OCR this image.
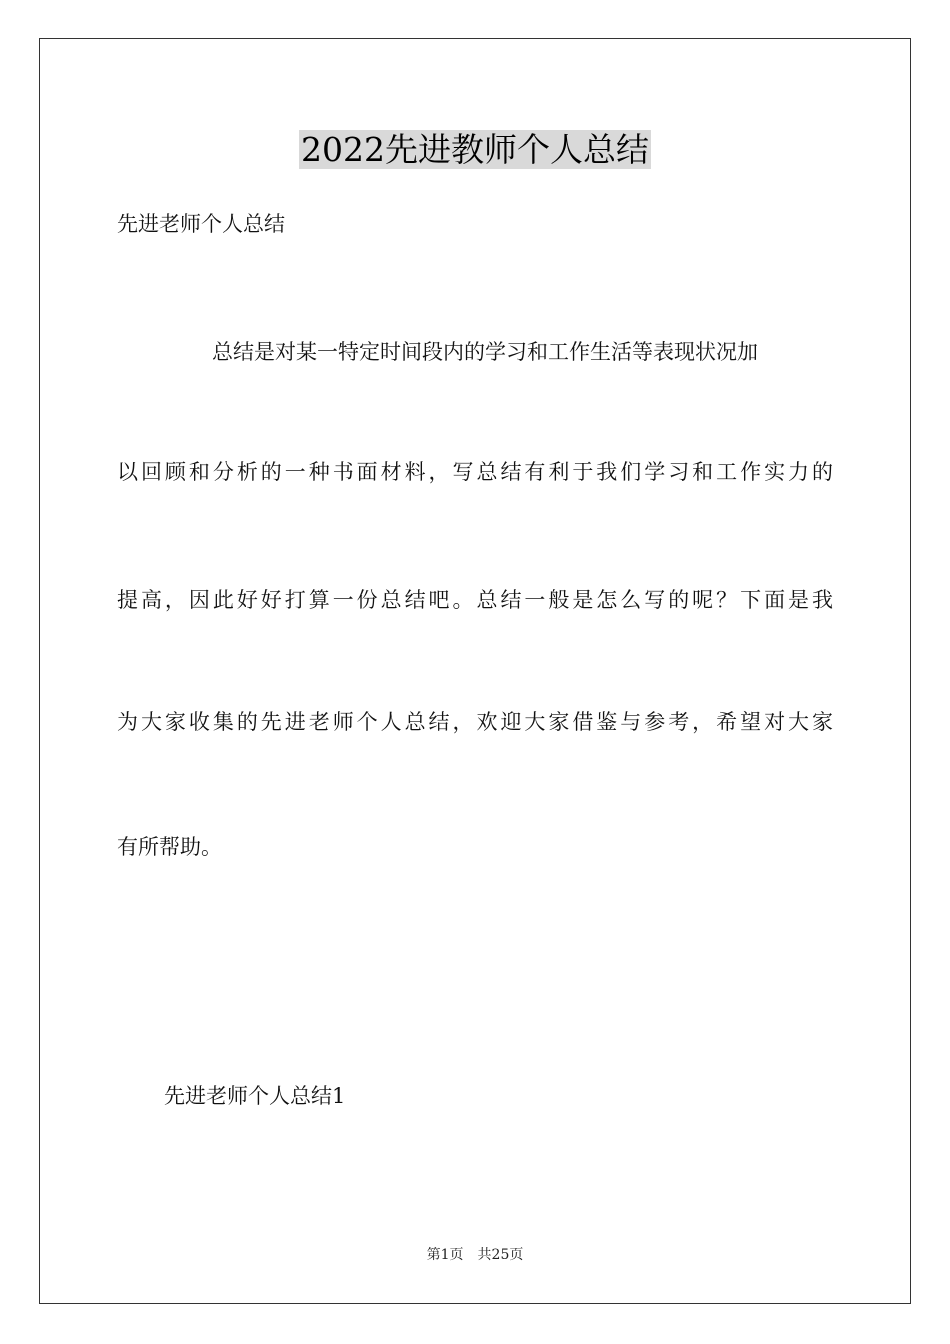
2022先进教师个人总结
先进老师个人总结
总结是对某一特定时间段内的学习和工作生活等表现状况加
以回顾和分析的一种书面材料，写总结有利于我们学习和工作实力的
提高，因此好好打算一份总结吧。总结一般是怎么写的呢？下面是我
为大家收集的先进老师个人总结，欢迎大家借鉴与参考，希望对大家
有所帮助。
先进老师个人总结1
第1页 共25页
